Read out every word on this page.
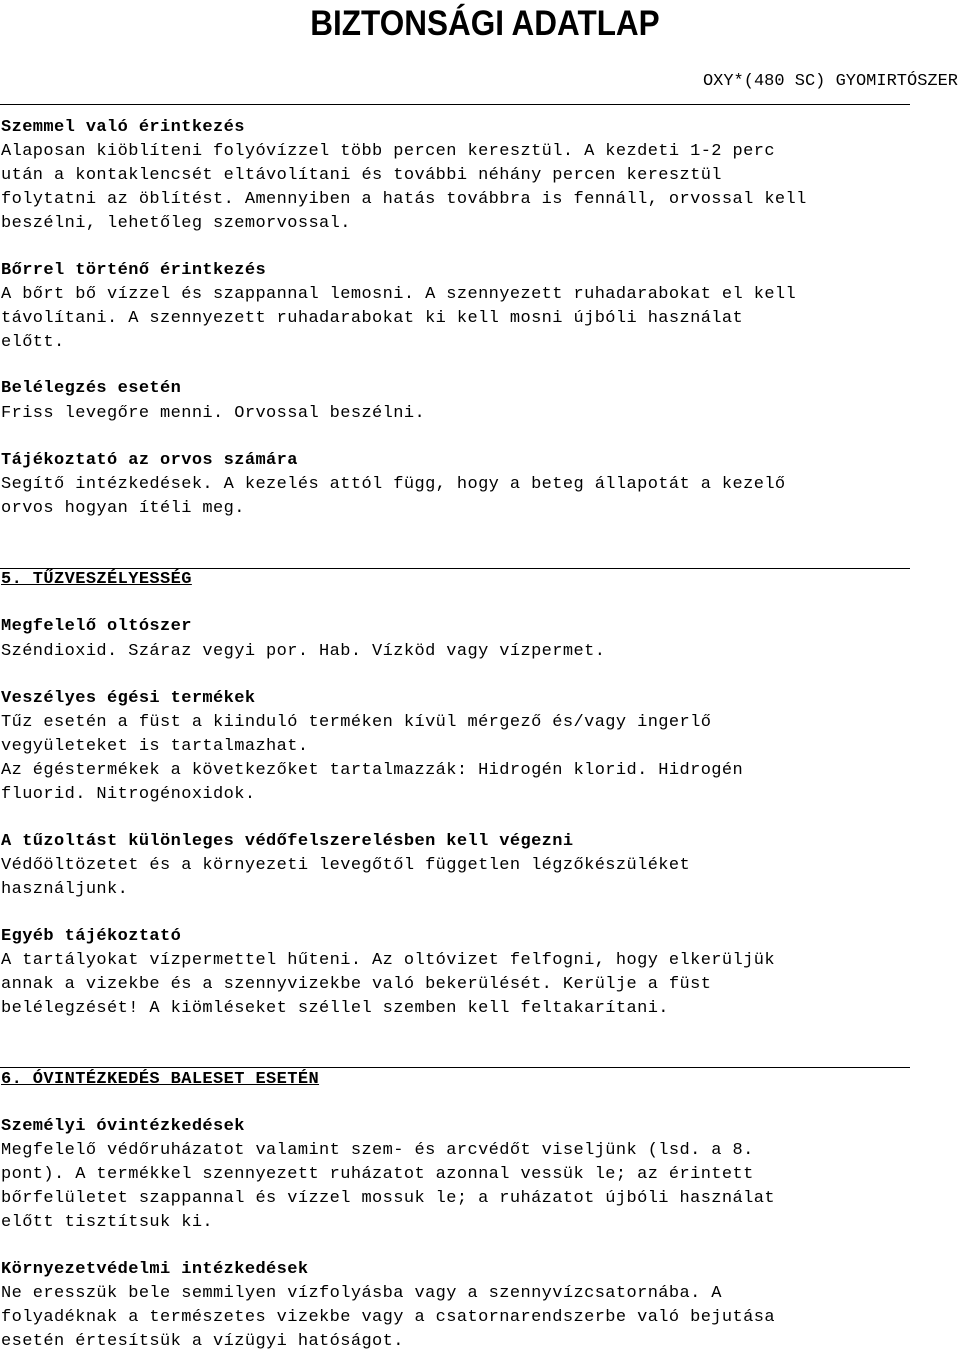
BIZTONSÁGI ADATLAP
OXY*(480 SC) GYOMIRTÓSZER
Szemmel való érintkezés
Alaposan kiöblíteni folyóvízzel több percen keresztül. A kezdeti 1-2 perc
után a kontaklencsét eltávolítani és további néhány percen keresztül
folytatni az öblítést. Amennyiben a hatás továbbra is fennáll, orvossal kell
beszélni, lehetőleg szemorvossal.
Bőrrel történő érintkezés
A bőrt bő vízzel és szappannal lemosni. A szennyezett ruhadarabokat el kell
távolítani. A szennyezett ruhadarabokat ki kell mosni újbóli használat
előtt.
Belélegzés esetén
Friss levegőre menni. Orvossal beszélni.
Tájékoztató az orvos számára
Segítő intézkedések. A kezelés attól függ, hogy a beteg állapotát a kezelő
orvos hogyan ítéli meg.
5. TŰZVESZÉLYESSÉG
Megfelelő oltószer
Széndioxid. Száraz vegyi por. Hab. Vízköd vagy vízpermet.
Veszélyes égési termékek
Tűz esetén a füst a kiinduló terméken kívül mérgező és/vagy ingerlő
vegyületeket is tartalmazhat.
Az égéstermékek a következőket tartalmazzák: Hidrogén klorid. Hidrogén
fluorid. Nitrogénoxidok.
A tűzoltást különleges védőfelszerelésben kell végezni
Védőöltözetet és a környezeti levegőtől független légzőkészüléket
használjunk.
Egyéb tájékoztató
A tartályokat vízpermettel hűteni. Az oltóvizet felfogni, hogy elkerüljük
annak a vizekbe és a szennyvizekbe való bekerülését. Kerülje a füst
belélegzését! A kiömléseket széllel szemben kell feltakarítani.
6. ÓVINTÉZKEDÉS BALESET ESETÉN
Személyi óvintézkedések
Megfelelő védőruházatot valamint szem- és arcvédőt viseljünk (lsd. a 8.
pont). A termékkel szennyezett ruházatot azonnal vessük le; az érintett
bőrfelületet szappannal és vízzel mossuk le; a ruházatot újbóli használat
előtt tisztítsuk ki.
Környezetvédelmi intézkedések
Ne eresszük bele semmilyen vízfolyásba vagy a szennyvízcsatornába. A
folyadéknak a természetes vizekbe vagy a csatornarendszerbe való bejutása
esetén értesítsük a vízügyi hatóságot.
